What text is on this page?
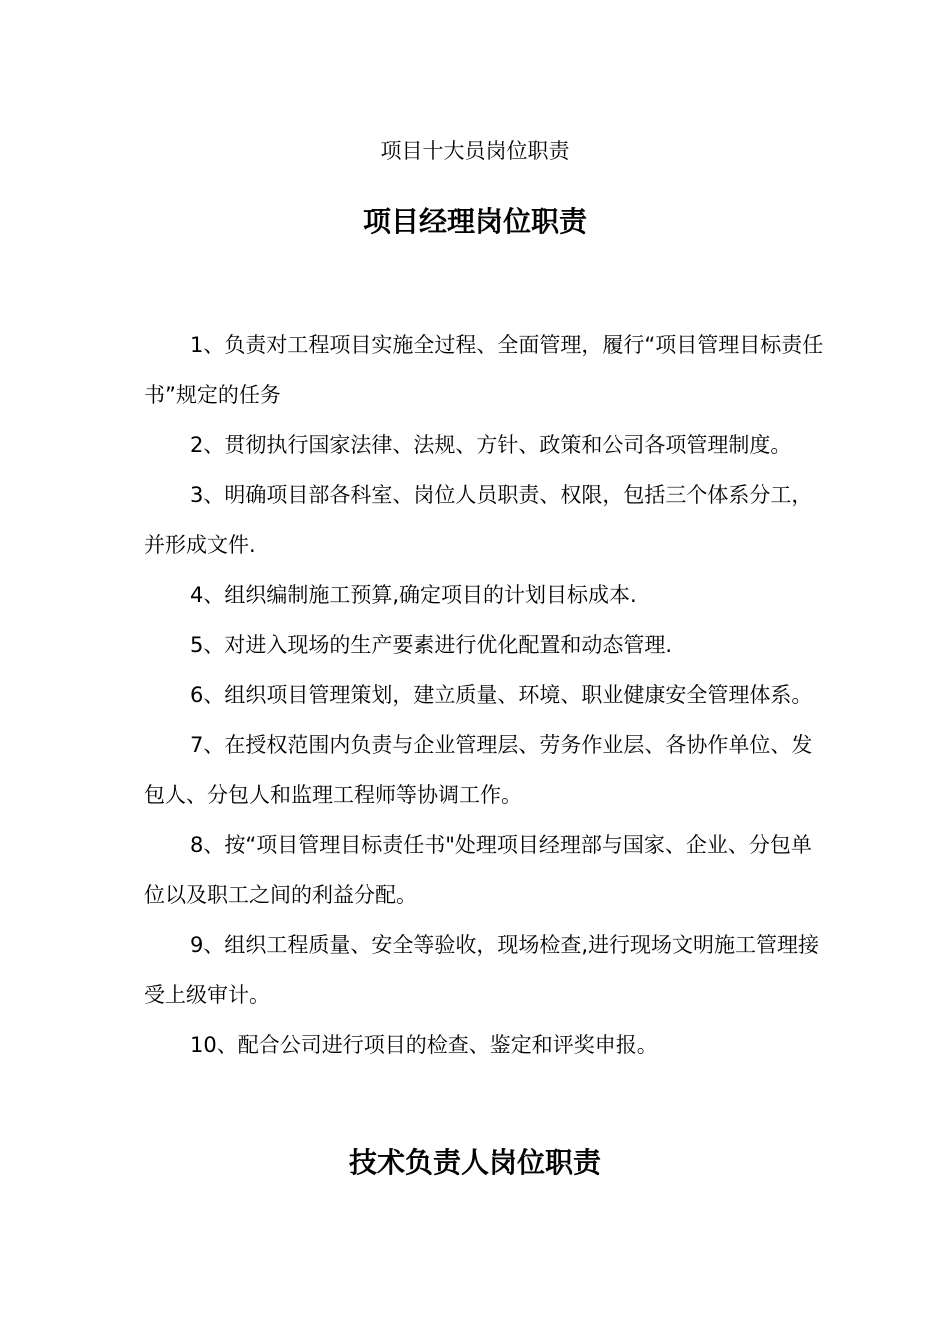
项目十大员岗位职责
项目经理岗位职责
1、负责对工程项目实施全过程、全面管理，履行“项目管理目标责任书”规定的任务
2、贯彻执行国家法律、法规、方针、政策和公司各项管理制度。
3、明确项目部各科室、岗位人员职责、权限，包括三个体系分工，并形成文件.
4、组织编制施工预算,确定项目的计划目标成本.
5、对进入现场的生产要素进行优化配置和动态管理.
6、组织项目管理策划，建立质量、环境、职业健康安全管理体系。
7、在授权范围内负责与企业管理层、劳务作业层、各协作单位、发包人、分包人和监理工程师等协调工作。
8、按“项目管理目标责任书"处理项目经理部与国家、企业、分包单位以及职工之间的利益分配。
9、组织工程质量、安全等验收，现场检查,进行现场文明施工管理接受上级审计。
10、配合公司进行项目的检查、鉴定和评奖申报。
技术负责人岗位职责
